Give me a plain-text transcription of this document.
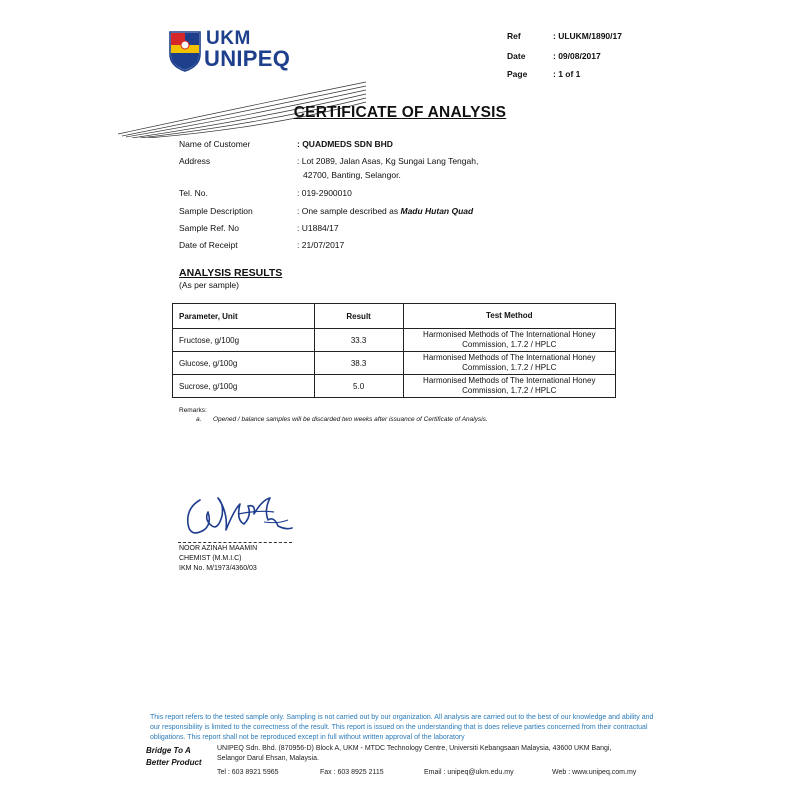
UKM
UNIPEQ
Ref	: ULUKM/1890/17
Date	: 09/08/2017
Page	: 1 of 1
CERTIFICATE OF ANALYSIS
Name of Customer	: QUADMEDS SDN BHD
Address	: Lot 2089, Jalan Asas, Kg Sungai Lang Tengah,
42700, Banting, Selangor.
Tel. No.	: 019-2900010
Sample Description	: One sample described as Madu Hutan Quad
Sample Ref. No	: U1884/17
Date of Receipt	: 21/07/2017
ANALYSIS RESULTS
(As per sample)
Parameter, Unit	Result	Test Method
Fructose, g/100g	33.3	Harmonised Methods of The International Honey
Commission, 1.7.2 / HPLC
Glucose, g/100g	38.3	Harmonised Methods of The International Honey
Commission, 1.7.2 / HPLC
Sucrose, g/100g	5.0	Harmonised Methods of The International Honey
Commission, 1.7.2 / HPLC
Remarks:
a. Opened / balance samples will be discarded two weeks after issuance of Certificate of Analysis.
NOOR AZINAH MAAMIN
CHEMIST (M.M.I.C)
IKM No. M/1973/4360/03
This report refers to the tested sample only. Sampling is not carried out by our organization. All analysis are carried out to the best of our knowledge and ability and our responsibility is limited to the correctness of the result. This report is issued on the understanding that is does relieve parties concerned from their contractual obligations. This report shall not be reproduced except in full without written approval of the laboratory
Bridge To A
Better Product
UNIPEQ Sdn. Bhd. (870956-D) Block A, UKM - MTDC Technology Centre, Universiti Kebangsaan Malaysia, 43600 UKM Bangi,
Selangor Darul Ehsan, Malaysia.
Tel : 603 8921 5965	Fax : 603 8925 2115	Email : unipeq@ukm.edu.my	Web : www.unipeq.com.my
